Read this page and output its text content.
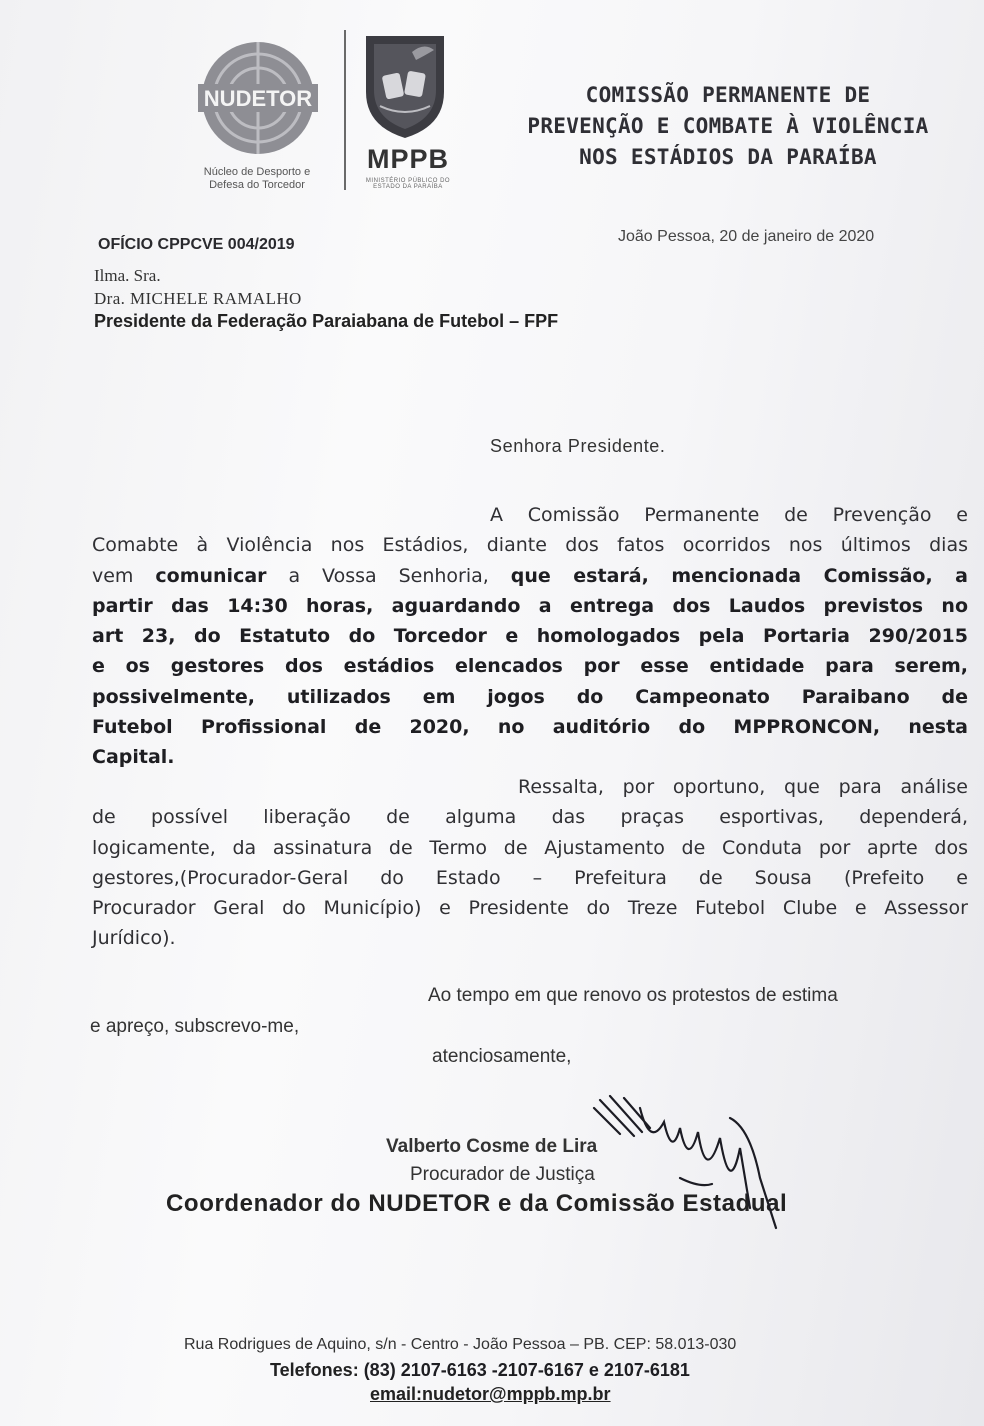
NUDETOR
Núcleo de Desporto e
Defesa do Torcedor
MPPB
MINISTÉRIO PÚBLICO DO ESTADO DA PARAÍBA
COMISSÃO PERMANENTE DE
PREVENÇÃO E COMBATE À VIOLÊNCIA
NOS ESTÁDIOS DA PARAÍBA
OFÍCIO CPPCVE 004/2019	João Pessoa, 20 de janeiro de 2020
Ilma. Sra.
Dra. MICHELE RAMALHO
Presidente da Federação Paraiabana de Futebol – FPF
Senhora Presidente.
A Comissão Permanente de Prevenção e
Comabte à Violência nos Estádios, diante dos fatos ocorridos nos últimos dias
vem comunicar a Vossa Senhoria, que estará, mencionada Comissão, a
partir das 14:30 horas, aguardando a entrega dos Laudos previstos no
art 23, do Estatuto do Torcedor e homologados pela Portaria 290/2015
e os gestores dos estádios elencados por esse entidade para serem,
possivelmente, utilizados em jogos do Campeonato Paraibano de
Futebol Profissional de 2020, no auditório do MPPRONCON, nesta
Capital.
Ressalta, por oportuno, que para análise
de possível liberação de alguma das praças esportivas, dependerá,
logicamente, da assinatura de Termo de Ajustamento de Conduta por aprte dos
gestores,(Procurador-Geral do Estado – Prefeitura de Sousa (Prefeito e
Procurador Geral do Município) e Presidente do Treze Futebol Clube e Assessor
Jurídico).
Ao tempo em que renovo os protestos de estima
e apreço, subscrevo-me,
atenciosamente,
Valberto Cosme de Lira
Procurador de Justiça
Coordenador do NUDETOR e da Comissão Estadual
Rua Rodrigues de Aquino, s/n - Centro - João Pessoa – PB. CEP: 58.013-030
Telefones: (83) 2107-6163 -2107-6167 e 2107-6181
email:nudetor@mppb.mp.br
